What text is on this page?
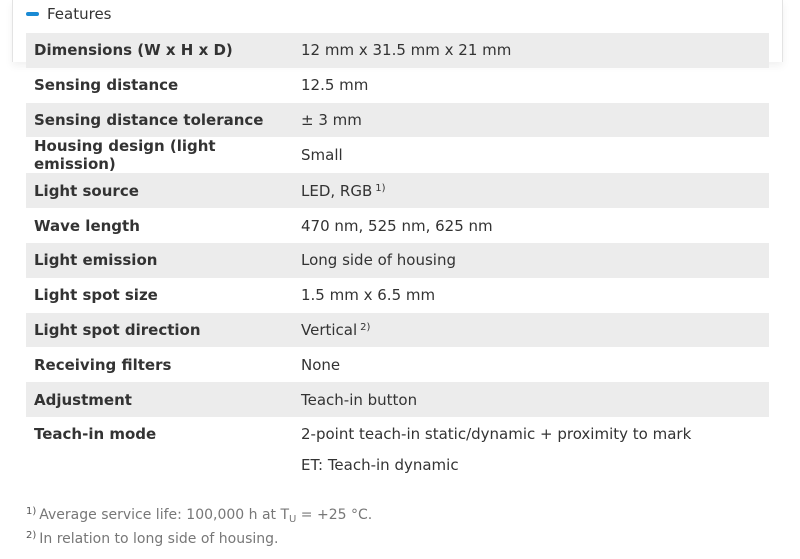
Features
Dimensions (W x H x D)	12 mm x 31.5 mm x 21 mm
Sensing distance	12.5 mm
Sensing distance tolerance	± 3 mm
Housing design (light emission)	Small
Light source	LED, RGB $^{1)}$
Wave length	470 nm, 525 nm, 625 nm
Light emission	Long side of housing
Light spot size	1.5 mm x 6.5 mm
Light spot direction	Vertical $^{2)}$
Receiving filters	None
Adjustment	Teach-in button

Teach-in mode	2-point teach-in static/dynamic + proximity to mark
ET: Teach-in dynamic
$^{1)}$ Average service life: 100,000 h at $T_U = +25$ °C.
$^{2)}$ In relation to long side of housing.
